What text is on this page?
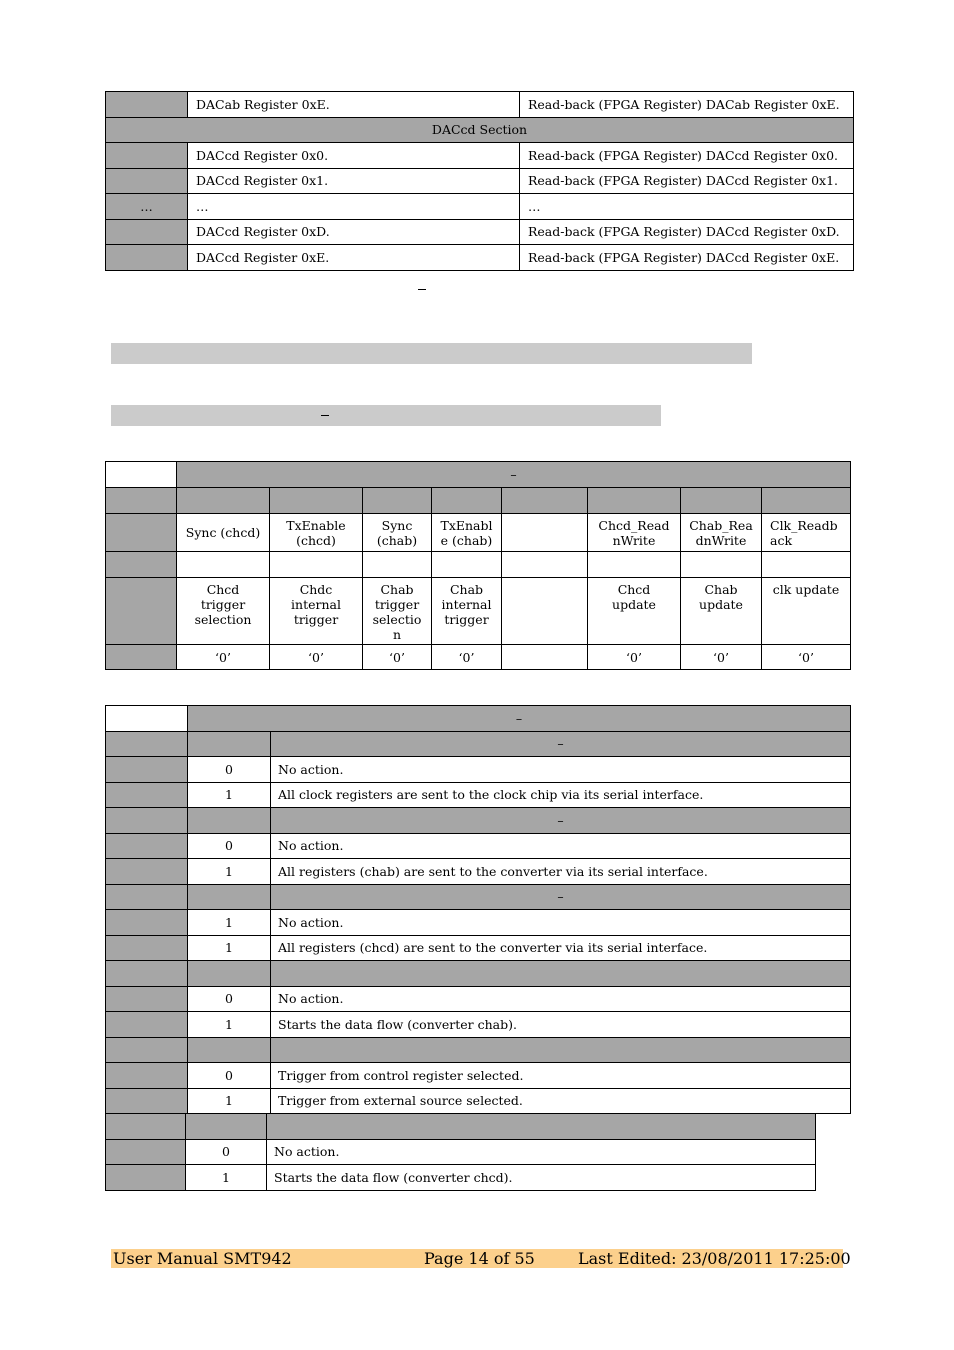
	DACab Register 0xE.	Read-back (FPGA Register) DACab Register 0xE.
DACcd Section		
	DACcd Register 0x0.	Read-back (FPGA Register) DACcd Register 0x0.
	DACcd Register 0x1.	Read-back (FPGA Register) DACcd Register 0x1.
…	…	…
	DACcd Register 0xD.	Read-back (FPGA Register) DACcd Register 0xD.
	DACcd Register 0xE.	Read-back (FPGA Register) DACcd Register 0xE.
	–							

	Sync (chcd)	TxEnable (chcd)	Sync (chab)	TxEnabl e (chab)		Chcd_Read nWrite	Chab_Rea dnWrite	Clk_Readb ack

	Chcd trigger selection	Chdc internal trigger	Chab trigger selectio n	Chab internal trigger		Chcd update	Chab update	clk update
	‘0’	‘0’	‘0’	‘0’		‘0’	‘0’	‘0’
	–	
		–
	0	No action.
	1	All clock registers are sent to the clock chip via its serial interface.
		–
	0	No action.
	1	All registers (chab) are sent to the converter via its serial interface.
		–
	1	No action.
	1	All registers (chcd) are sent to the converter via its serial interface.

	0	No action.
	1	Starts the data flow (converter chab).

	0	Trigger from control register selected.
	1	Trigger from external source selected.

	0	No action.
	1	Starts the data flow (converter chcd).
User Manual SMT942	Page 14 of 55	Last Edited: 23/08/2011 17:25:00
